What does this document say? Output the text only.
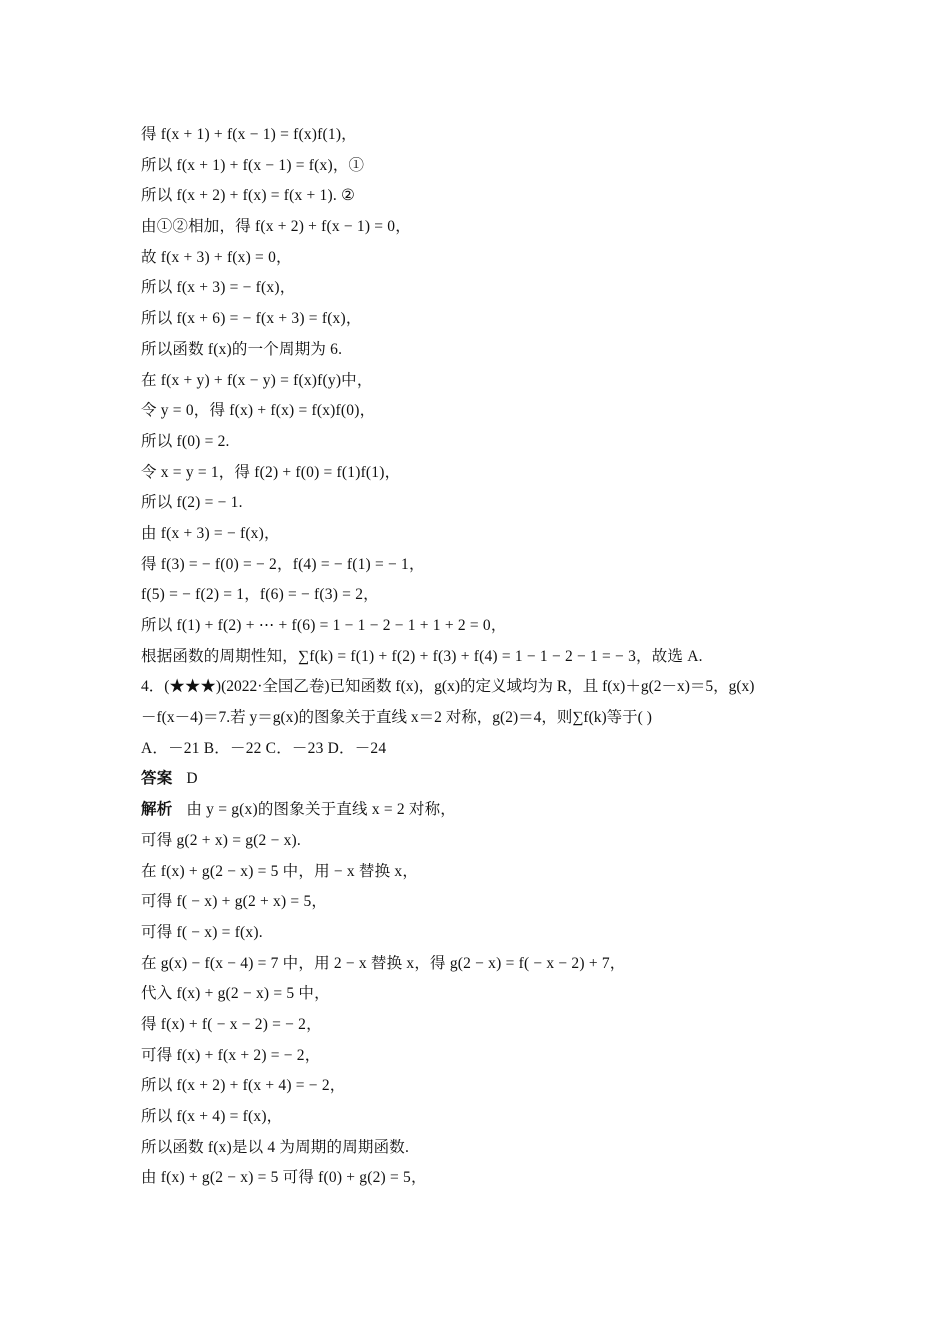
得 f(x + 1) + f(x − 1) = f(x)f(1)，
所以 f(x + 1) + f(x − 1) = f(x)，①
所以 f(x + 2) + f(x) = f(x + 1). ②
由①②相加，得 f(x + 2) + f(x − 1) = 0，
故 f(x + 3) + f(x) = 0，
所以 f(x + 3) = − f(x)，
所以 f(x + 6) = − f(x + 3) = f(x)，
所以函数 f(x)的一个周期为 6.
在 f(x + y) + f(x − y) = f(x)f(y)中，
令 y = 0，得 f(x) + f(x) = f(x)f(0)，
所以 f(0) = 2.
令 x = y = 1，得 f(2) + f(0) = f(1)f(1)，
所以 f(2) = − 1.
由 f(x + 3) = − f(x)，
得 f(3) = − f(0) = − 2，f(4) = − f(1) = − 1，
f(5) = − f(2) = 1，f(6) = − f(3) = 2，
所以 f(1) + f(2) + ⋯ + f(6) = 1 − 1 − 2 − 1 + 1 + 2 = 0，
根据函数的周期性知，∑f(k) = f(1) + f(2) + f(3) + f(4) = 1 − 1 − 2 − 1 = − 3，故选 A.
4．(★★★)(2022·全国乙卷)已知函数 f(x)，g(x)的定义域均为 R，且 f(x)＋g(2－x)＝5，g(x)
－f(x－4)＝7.若 y＝g(x)的图象关于直线 x＝2 对称，g(2)＝4，则∑f(k)等于( )
A．－21 B．－22 C．－23 D．－24
答案 D
解析 由 y = g(x)的图象关于直线 x = 2 对称，
可得 g(2 + x) = g(2 − x).
在 f(x) + g(2 − x) = 5 中，用 − x 替换 x，
可得 f( − x) + g(2 + x) = 5，
可得 f( − x) = f(x).
在 g(x) − f(x − 4) = 7 中，用 2 − x 替换 x，得 g(2 − x) = f( − x − 2) + 7，
代入 f(x) + g(2 − x) = 5 中，
得 f(x) + f( − x − 2) = − 2，
可得 f(x) + f(x + 2) = − 2，
所以 f(x + 2) + f(x + 4) = − 2，
所以 f(x + 4) = f(x)，
所以函数 f(x)是以 4 为周期的周期函数.
由 f(x) + g(2 − x) = 5 可得 f(0) + g(2) = 5，
